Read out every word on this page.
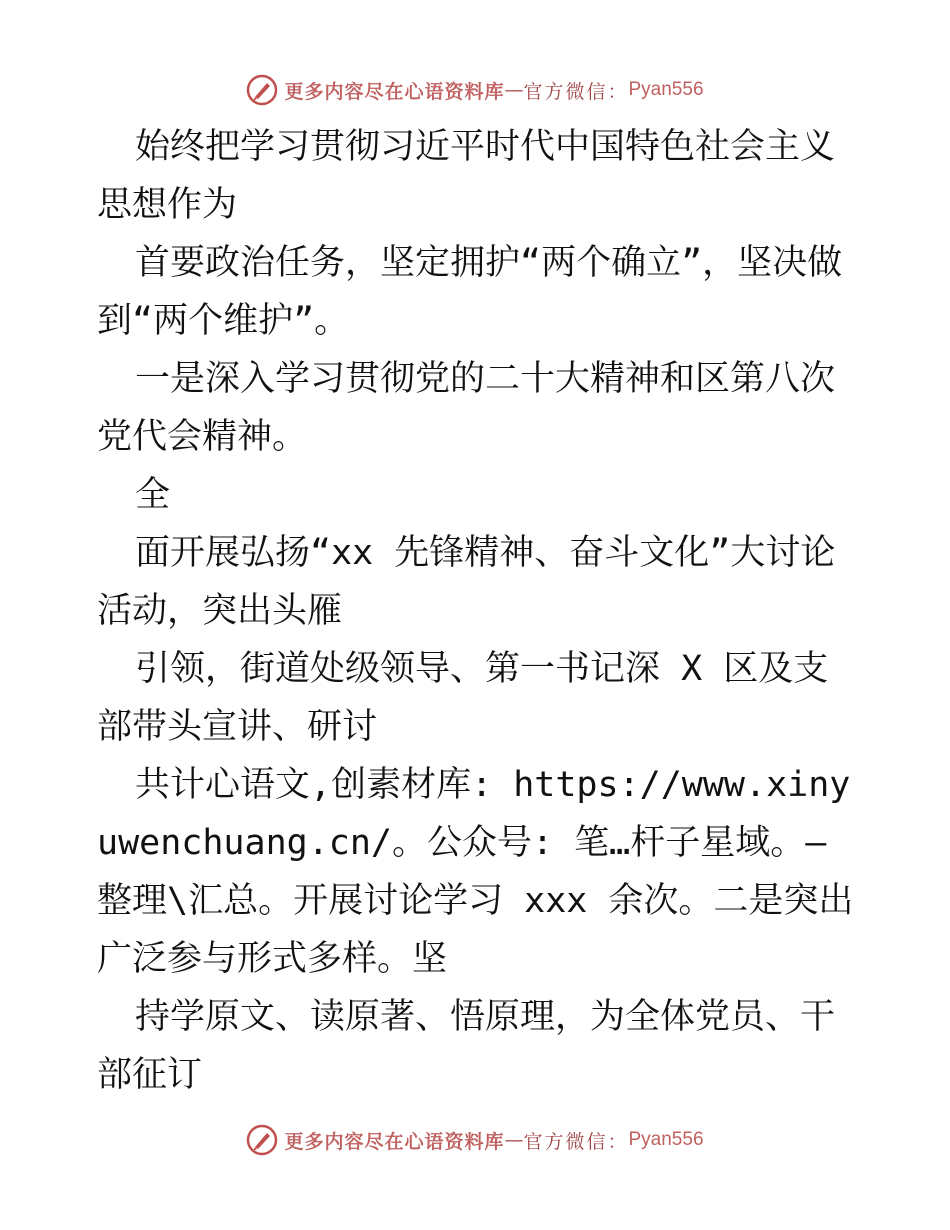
更多内容尽在心语资料库 — 官方微信： Pyan556

始终把学习贯彻习近平时代中国特色社会主义思想作为

首要政治任务，坚定拥护“两个确立”，坚决做到“两个维护”。

一是深入学习贯彻党的二十大精神和区第八次党代会精神。

全

面开展弘扬“xx 先锋精神、奋斗文化”大讨论活动，突出头雁

引领，街道处级领导、第一书记深 X 区及支部带头宣讲、研讨

共计心语文,创素材库: https://www.xinyuwenchuang.cn/。公众号: 笔…杆子星域。—整理\汇总。开展讨论学习 xxx 余次。二是突出广泛参与形式多样。坚

持学原文、读原著、悟原理，为全体党员、干部征订

更多内容尽在心语资料库 — 官方微信： Pyan556
